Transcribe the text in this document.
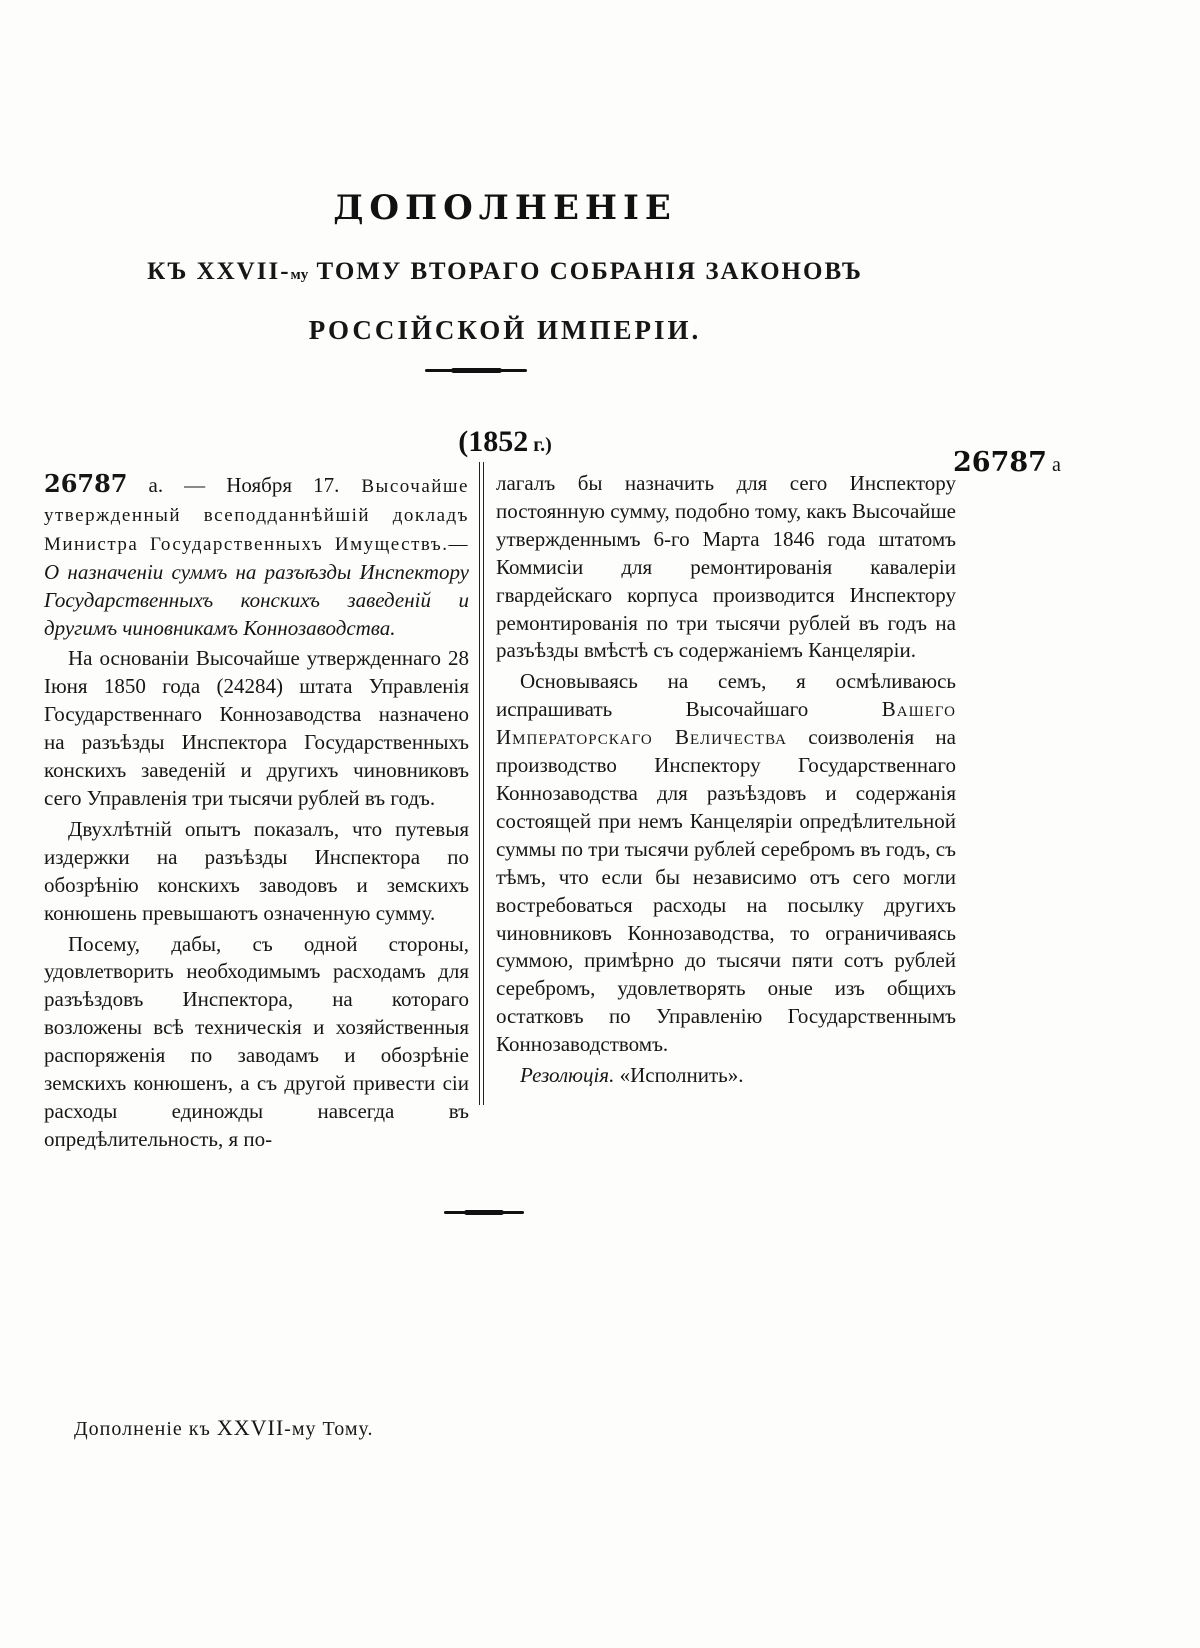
ДОПОЛНЕНІЕ
КЪ XXVII-му ТОМУ ВТОРАГО СОБРАНІЯ ЗАКОНОВЪ
РОССІЙСКОЙ ИМПЕРІИ.
(1852 г.)

26787 а. — Ноября 17. Высочайше утвержденный всеподданнѣйшій докладъ Министра Государственныхъ Имуществъ.—О назначеніи суммъ на разъѣзды Инспектору Государственныхъ конскихъ заведеній и другимъ чиновникамъ Коннозаводства.

На основаніи Высочайше утвержденнаго 28 Іюня 1850 года (24284) штата Управленія Государственнаго Коннозаводства назначено на разъѣзды Инспектора Государственныхъ конскихъ заведеній и другихъ чиновниковъ сего Управленія три тысячи рублей въ годъ.

Двухлѣтній опытъ показалъ, что путевыя издержки на разъѣзды Инспектора по обозрѣнію конскихъ заводовъ и земскихъ конюшень превышаютъ означенную сумму.

Посему, дабы, съ одной стороны, удовлетворить необходимымъ расходамъ для разъѣздовъ Инспектора, на котораго возложены всѣ техническія и хозяйственныя распоряженія по заводамъ и обозрѣніе земскихъ конюшенъ, а съ другой привести сіи расходы единожды навсегда въ опредѣлительность, я по-

лагалъ бы назначить для сего Инспектору постоянную сумму, подобно тому, какъ Высочайше утвержденнымъ 6-го Марта 1846 года штатомъ Коммисіи для ремонтированія кавалеріи гвардейскаго корпуса производится Инспектору ремонтированія по три тысячи рублей въ годъ на разъѣзды вмѣстѣ съ содержаніемъ Канцеляріи.

Основываясь на семъ, я осмѣливаюсь испрашивать Высочайшаго Вашего Императорскаго Величества соизволенія на производство Инспектору Государственнаго Коннозаводства для разъѣздовъ и содержанія состоящей при немъ Канцеляріи опредѣлительной суммы по три тысячи рублей серебромъ въ годъ, съ тѣмъ, что если бы независимо отъ сего могли востребоваться расходы на посылку другихъ чиновниковъ Коннозаводства, то ограничиваясь суммою, примѣрно до тысячи пяти сотъ рублей серебромъ, удовлетворять оные изъ общихъ остатковъ по Управленію Государственнымъ Коннозаводствомъ.

Резолюція. «Исполнить».

26787 а
Дополненіе къ XXVII-му Тому.
